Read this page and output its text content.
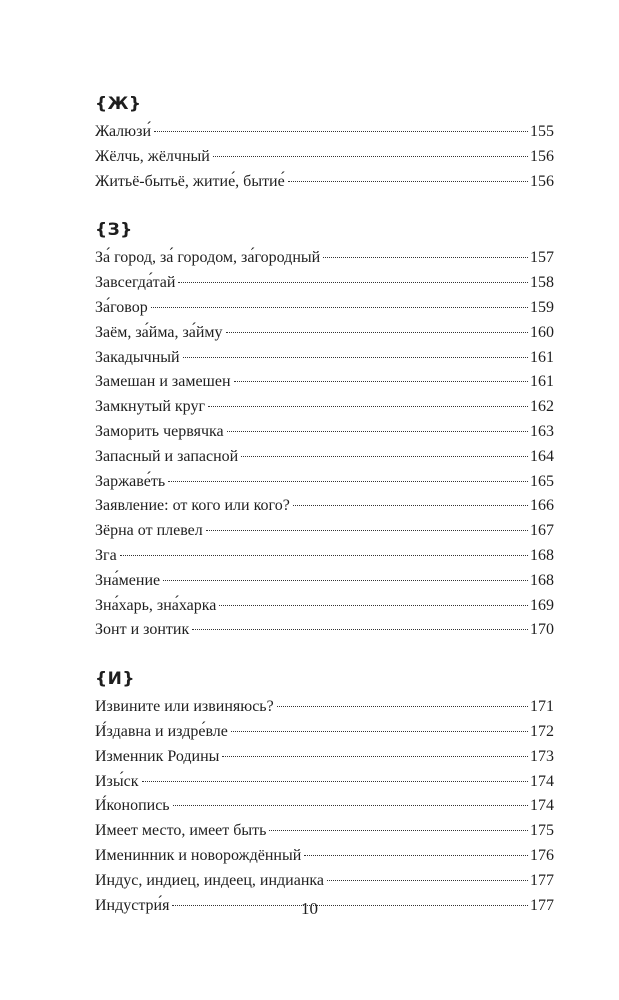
{Ж}
Жалюзи́	155
Жёлчь, жёлчный	156
Житьё-бытьё, житие́, бытие́	156
{З}
За́ город, за́ городом, за́городный	157
Завсегда́тай	158
За́говор	159
Заём, за́йма, за́йму	160
Закадычный	161
Замешан и замешен	161
Замкнутый круг	162
Заморить червячка	163
Запасный и запасной	164
Заржаве́ть	165
Заявление: от кого или кого?	166
Зёрна от плевел	167
Зга	168
Зна́мение	168
Зна́харь, зна́харка	169
Зонт и зонтик	170
{И}
Извините или извиняюсь?	171
И́здавна и издре́вле	172
Изменник Родины	173
Изы́ск	174
И́конопись	174
Имеет место, имеет быть	175
Именинник и новорождённый	176
Индус, индиец, индеец, индианка	177
Индустри́я	177
10
